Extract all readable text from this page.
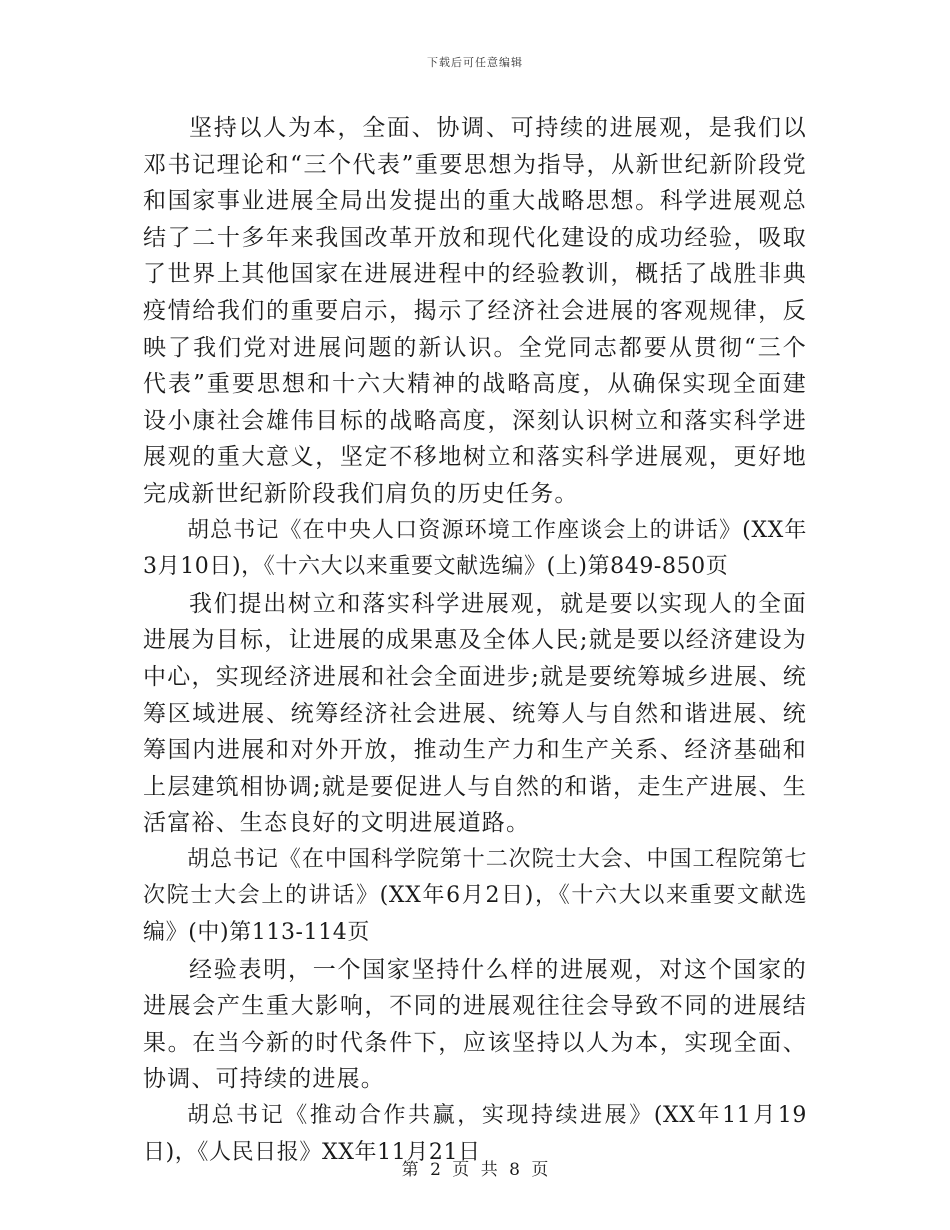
下载后可任意编辑

坚持以人为本，全面、协调、可持续的进展观，是我们以邓书记理论和“三个代表”重要思想为指导，从新世纪新阶段党和国家事业进展全局出发提出的重大战略思想。科学进展观总结了二十多年来我国改革开放和现代化建设的成功经验，吸取了世界上其他国家在进展进程中的经验教训，概括了战胜非典疫情给我们的重要启示，揭示了经济社会进展的客观规律，反映了我们党对进展问题的新认识。全党同志都要从贯彻“三个代表”重要思想和十六大精神的战略高度，从确保实现全面建设小康社会雄伟目标的战略高度，深刻认识树立和落实科学进展观的重大意义，坚定不移地树立和落实科学进展观，更好地完成新世纪新阶段我们肩负的历史任务。

胡总书记《在中央人口资源环境工作座谈会上的讲话》(XX年3月10日)，《十六大以来重要文献选编》(上)第849-850页

我们提出树立和落实科学进展观，就是要以实现人的全面进展为目标，让进展的成果惠及全体人民;就是要以经济建设为中心，实现经济进展和社会全面进步;就是要统筹城乡进展、统筹区域进展、统筹经济社会进展、统筹人与自然和谐进展、统筹国内进展和对外开放，推动生产力和生产关系、经济基础和上层建筑相协调;就是要促进人与自然的和谐，走生产进展、生活富裕、生态良好的文明进展道路。

胡总书记《在中国科学院第十二次院士大会、中国工程院第七次院士大会上的讲话》(XX年6月2日)，《十六大以来重要文献选编》(中)第113-114页

经验表明，一个国家坚持什么样的进展观，对这个国家的进展会产生重大影响，不同的进展观往往会导致不同的进展结果。在当今新的时代条件下，应该坚持以人为本，实现全面、协调、可持续的进展。

胡总书记《推动合作共赢，实现持续进展》(XX年11月19日)，《人民日报》XX年11月21日

第 2 页 共 8 页
